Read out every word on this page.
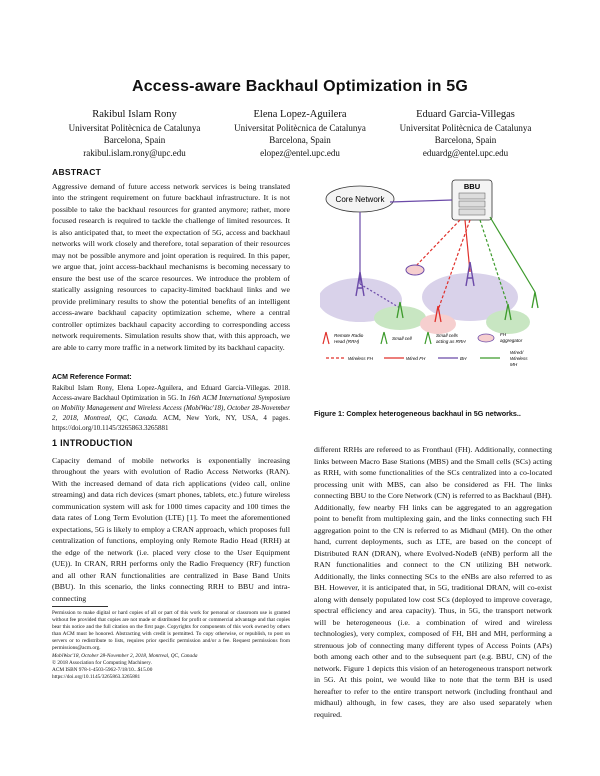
Access-aware Backhaul Optimization in 5G
Rakibul Islam Rony
Universitat Politècnica de Catalunya
Barcelona, Spain
rakibul.islam.rony@upc.edu
Elena Lopez-Aguilera
Universitat Politècnica de Catalunya
Barcelona, Spain
elopez@entel.upc.edu
Eduard Garcia-Villegas
Universitat Politècnica de Catalunya
Barcelona, Spain
eduardg@entel.upc.edu
ABSTRACT
Aggressive demand of future access network services is being translated into the stringent requirement on future backhaul infrastructure. It is not possible to take the backhaul resources for granted anymore; rather, more focused research is required to tackle the challenge of limited resources. It is also anticipated that, to meet the expectation of 5G, access and backhaul networks will work closely and therefore, total separation of their resources may not be possible anymore and joint operation is required. In this paper, we argue that, joint access-backhaul mechanisms is becoming necessary to ensure the best use of the scarce resources. We introduce the problem of statically assigning resources to capacity-limited backhaul links and we provide preliminary results to show the potential benefits of an intelligent access-aware backhaul capacity optimization scheme, where a central controller optimizes backhaul capacity according to corresponding access network requirements. Simulation results show that, with this approach, we are able to carry more traffic in a network limited by its backhaul capacity.
ACM Reference Format:
Rakibul Islam Rony, Elena Lopez-Aguilera, and Eduard Garcia-Villegas. 2018. Access-aware Backhaul Optimization in 5G. In 16th ACM International Symposium on Mobility Management and Wireless Access (MobiWac'18), October 28-November 2, 2018, Montreal, QC, Canada. ACM, New York, NY, USA, 4 pages. https://doi.org/10.1145/3265863.3265881
1 INTRODUCTION
Capacity demand of mobile networks is exponentially increasing throughout the years with evolution of Radio Access Networks (RAN). With the increased demand of data rich applications (video call, online streaming) and data rich devices (smart phones, tablets, etc.) future wireless communication system will ask for 1000 times capacity and 100 times the data rates of Long Term Evolution (LTE) [1]. To meet the aforementioned expectations, 5G is likely to employ a CRAN approach, which proposes full centralization of functions, employing only Remote Radio Head (RRH) at the edge of the network (i.e. placed very close to the User Equipment (UE)). In CRAN, RRH performs only the Radio Frequency (RF) function and all other RAN functionalities are centralized in Base Band Units (BBU). In this scenario, the links connecting RRH to BBU and intra-connecting
Permission to make digital or hard copies of all or part of this work for personal or classroom use is granted without fee provided that copies are not made or distributed for profit or commercial advantage and that copies bear this notice and the full citation on the first page. Copyrights for components of this work owned by others than ACM must be honored. Abstracting with credit is permitted. To copy otherwise, or republish, to post on servers or to redistribute to lists, requires prior specific permission and/or a fee. Request permissions from permissions@acm.org.
MobiWac'18, October 28-November 2, 2018, Montreal, QC, Canada
© 2018 Association for Computing Machinery.
ACM ISBN 978-1-4503-5962-7/18/10...$15.00
https://doi.org/10.1145/3265863.3265881
Core Network
BBU
Remote Radio Head (RRH)
Small cell
Small cells acting as RRH
FH aggregator
Wireless FH	Wired FH	BH
Wired/ Wireless MH
Figure 1: Complex heterogeneous backhaul in 5G networks..
different RRHs are refereed to as Fronthaul (FH). Additionally, connecting links between Macro Base Stations (MBS) and the Small cells (SCs) acting as RRH, with some functionalities of the SCs centralized into a co-located processing unit with MBS, can also be considered as FH. The links connecting BBU to the Core Network (CN) is referred to as Backhaul (BH). Additionally, few nearby FH links can be aggregated to an aggregation point to benefit from multiplexing gain, and the links connecting such FH aggregation point to the CN is referred to as Midhaul (MH). On the other hand, current deployments, such as LTE, are based on the concept of Distributed RAN (DRAN), where Evolved-NodeB (eNB) perform all the RAN functionalities and connect to the CN utilizing BH network. Additionally, the links connecting SCs to the eNBs are also referred to as BH. However, it is anticipated that, in 5G, traditional DRAN, will co-exist along with densely populated low cost SCs (deployed to improve coverage, spectral efficiency and area capacity). Thus, in 5G, the transport network will be heterogeneous (i.e. a combination of wired and wireless technologies), very complex, composed of FH, BH and MH, performing a strenuous job of connecting many different types of Access Points (APs) both among each other and to the subsequent part (e.g. BBU, CN) of the network. Figure 1 depicts this vision of an heterogeneous transport network in 5G. At this point, we would like to note that the term BH is used hereafter to refer to the entire transport network (including fronthaul and midhaul) although, in few cases, they are also used separately when required.
